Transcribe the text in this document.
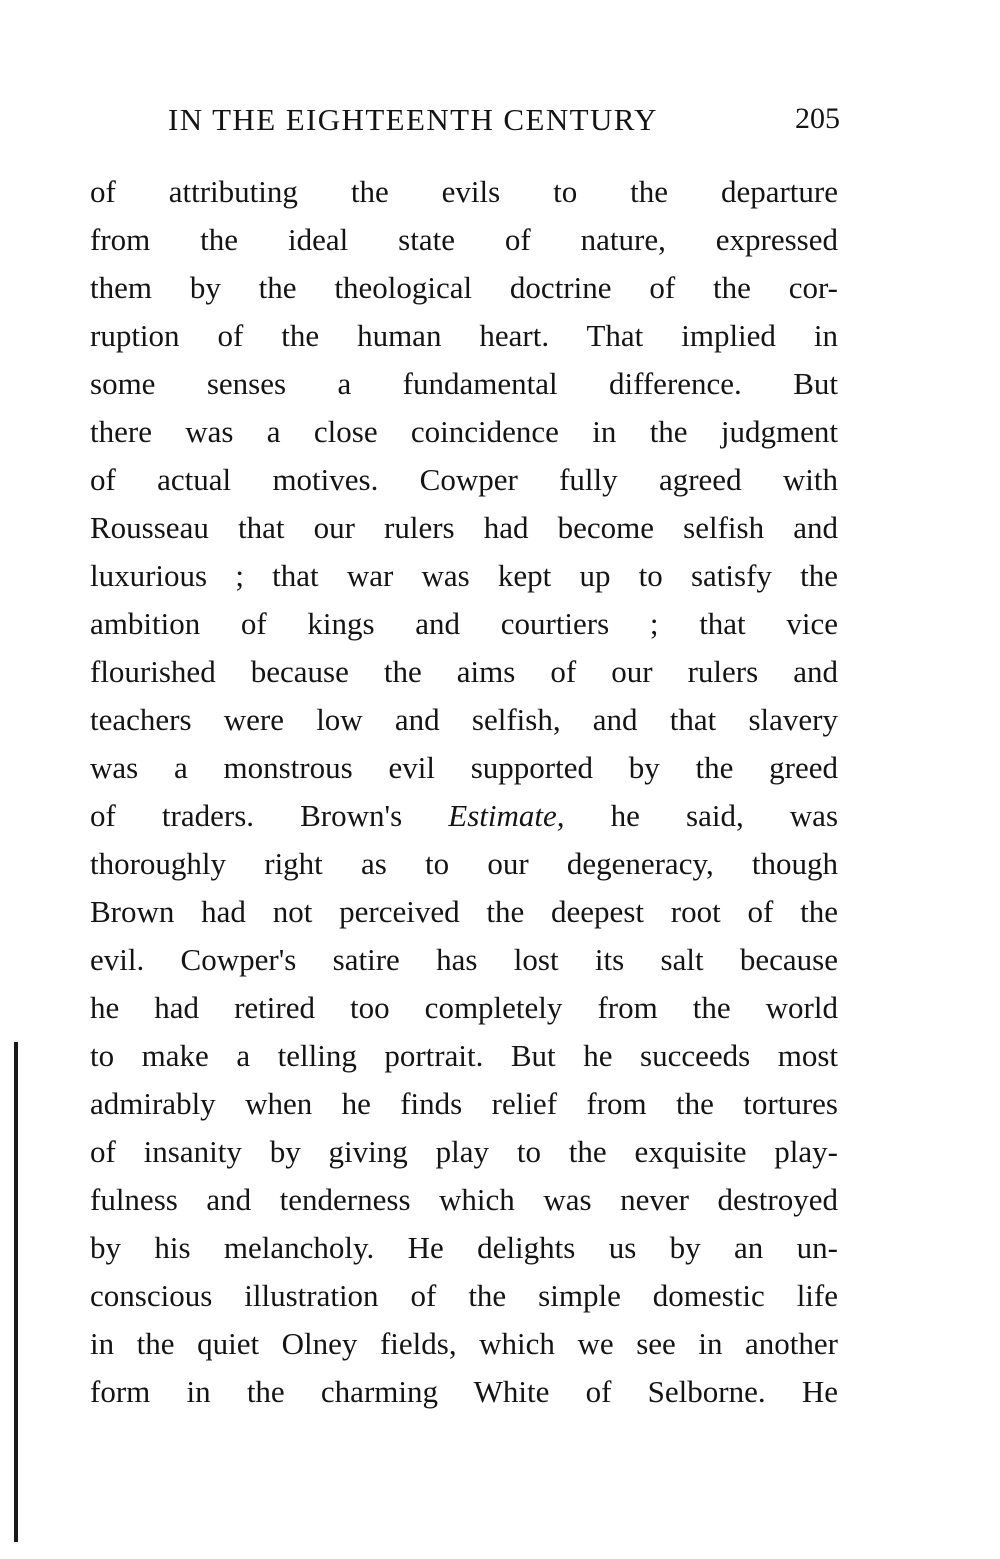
IN THE EIGHTEENTH CENTURY	205
of attributing the evils to the departure
from the ideal state of nature, expressed
them by the theological doctrine of the cor-
ruption of the human heart. That implied in
some senses a fundamental difference. But
there was a close coincidence in the judgment
of actual motives. Cowper fully agreed with
Rousseau that our rulers had become selfish and
luxurious ; that war was kept up to satisfy the
ambition of kings and courtiers ; that vice
flourished because the aims of our rulers and
teachers were low and selfish, and that slavery
was a monstrous evil supported by the greed
of traders. Brown's Estimate, he said, was
thoroughly right as to our degeneracy, though
Brown had not perceived the deepest root of the
evil. Cowper's satire has lost its salt because
he had retired too completely from the world
to make a telling portrait. But he succeeds most
admirably when he finds relief from the tortures
of insanity by giving play to the exquisite play-
fulness and tenderness which was never destroyed
by his melancholy. He delights us by an un-
conscious illustration of the simple domestic life
in the quiet Olney fields, which we see in another
form in the charming White of Selborne. He
